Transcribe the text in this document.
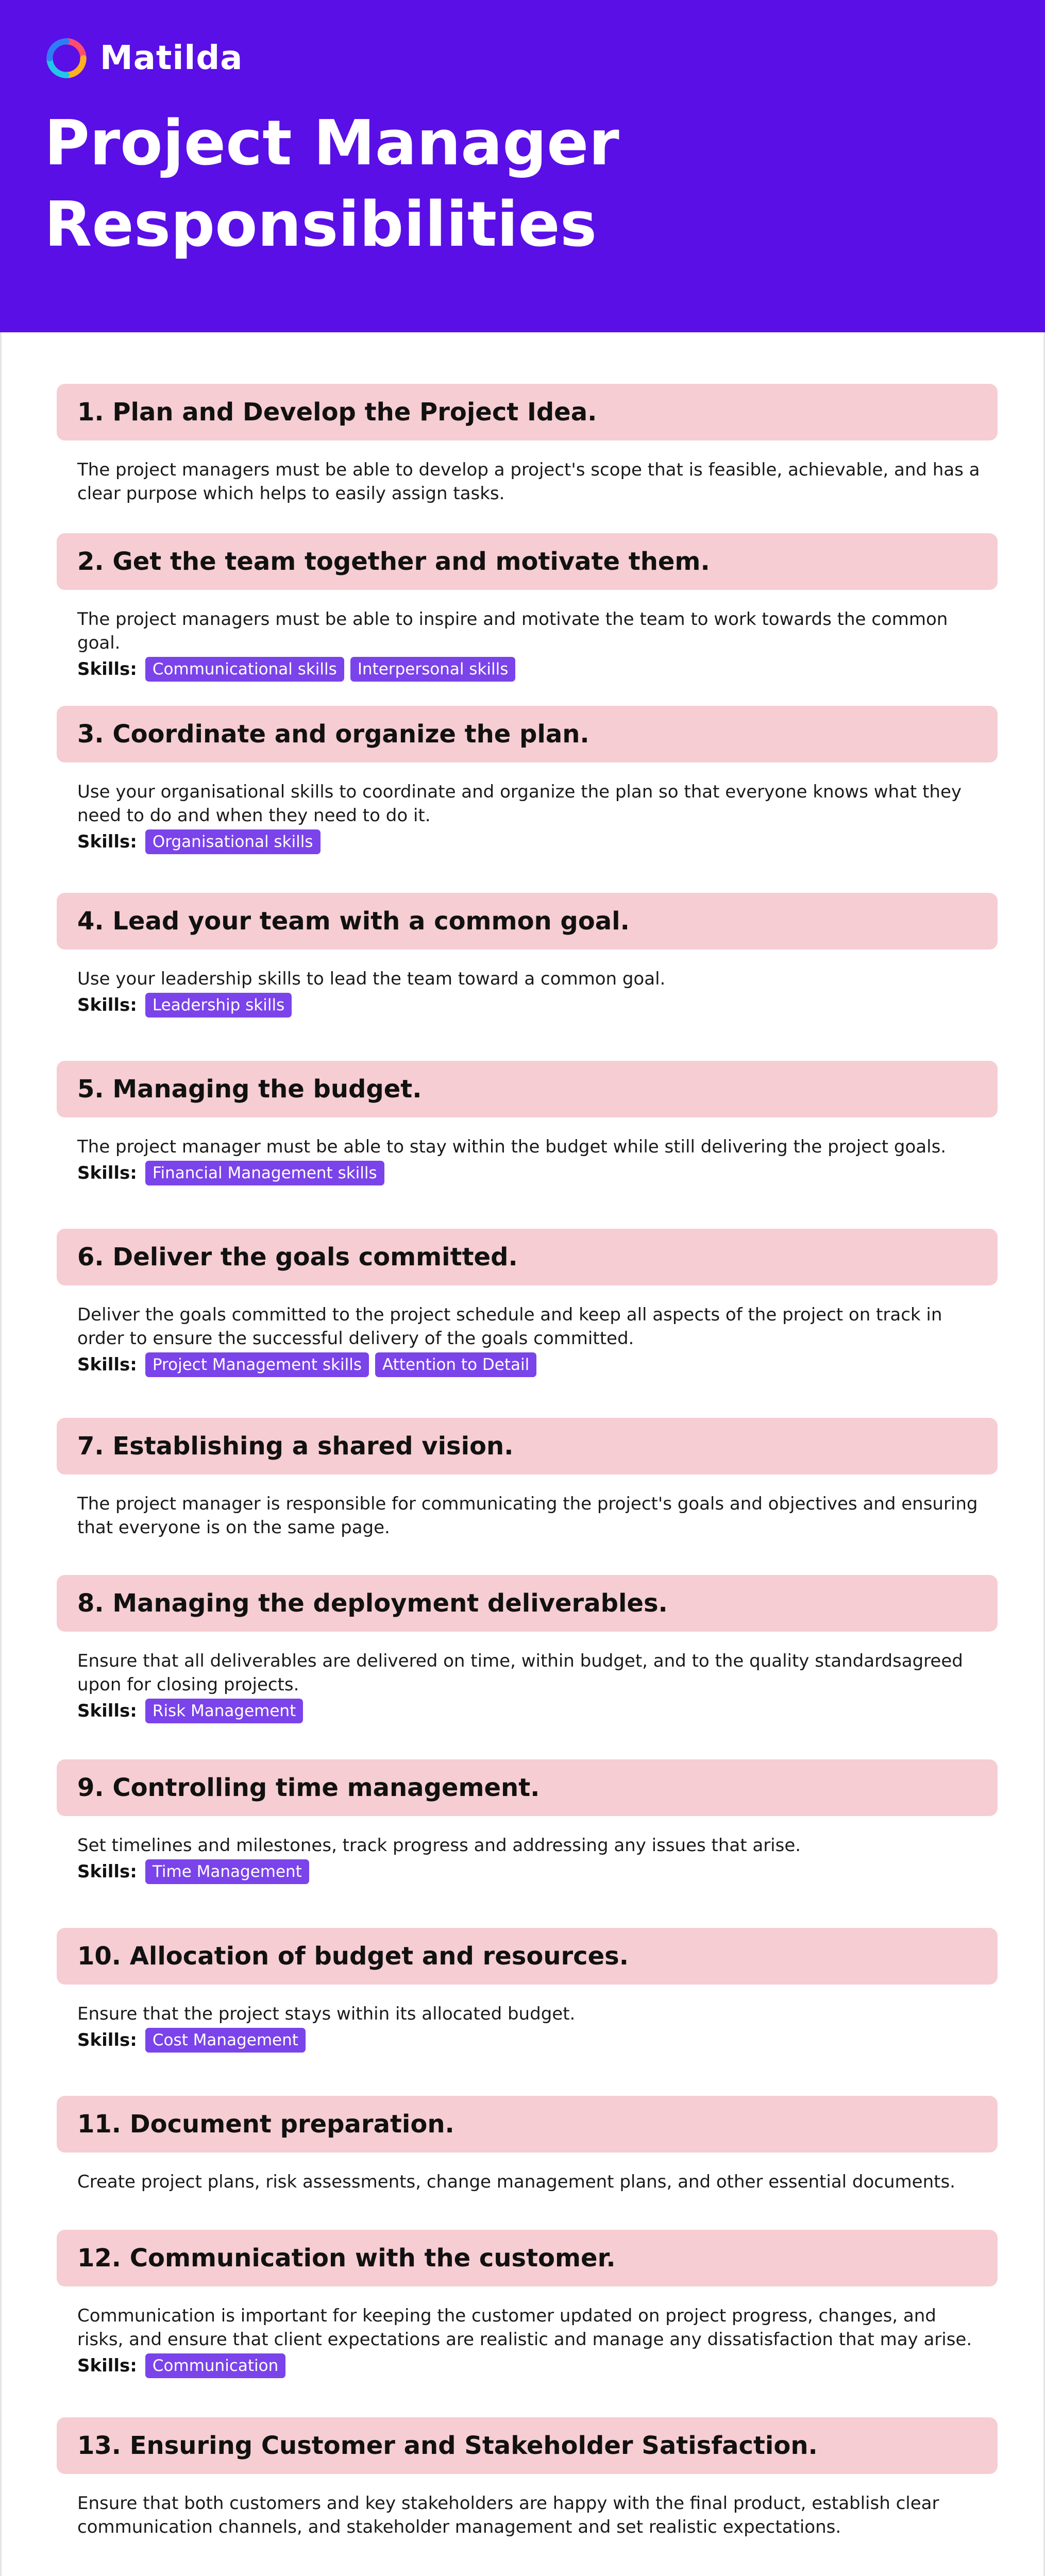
Matilda
Project Manager Responsibilities
1. Plan and Develop the Project Idea.
The project managers must be able to develop a project's scope that is feasible, achievable, and has a clear purpose which helps to easily assign tasks.
2. Get the team together and motivate them.
The project managers must be able to inspire and motivate the team to work towards the common goal.
Skills: Communicational skills	Interpersonal skills
3. Coordinate and organize the plan.
Use your organisational skills to coordinate and organize the plan so that everyone knows what they need to do and when they need to do it.
Skills: Organisational skills
4. Lead your team with a common goal.
Use your leadership skills to lead the team toward a common goal.
Skills: Leadership skills
5. Managing the budget.
The project manager must be able to stay within the budget while still delivering the project goals.
Skills: Financial Management skills
6. Deliver the goals committed.
Deliver the goals committed to the project schedule and keep all aspects of the project on track in order to ensure the successful delivery of the goals committed.
Skills: Project Management skills	Attention to Detail
7. Establishing a shared vision.
The project manager is responsible for communicating the project's goals and objectives and ensuring that everyone is on the same page.
8. Managing the deployment deliverables.
Ensure that all deliverables are delivered on time, within budget, and to the quality standardsagreed upon for closing projects.
Skills: Risk Management
9. Controlling time management.
Set timelines and milestones, track progress and addressing any issues that arise.
Skills: Time Management
10. Allocation of budget and resources.
Ensure that the project stays within its allocated budget.
Skills: Cost Management
11. Document preparation.
Create project plans, risk assessments, change management plans, and other essential documents.
12. Communication with the customer.
Communication is important for keeping the customer updated on project progress, changes, and risks, and ensure that client expectations are realistic and manage any dissatisfaction that may arise.
Skills: Communication
13. Ensuring Customer and Stakeholder Satisfaction.
Ensure that both customers and key stakeholders are happy with the final product, establish clear communication channels, and stakeholder management and set realistic expectations.
